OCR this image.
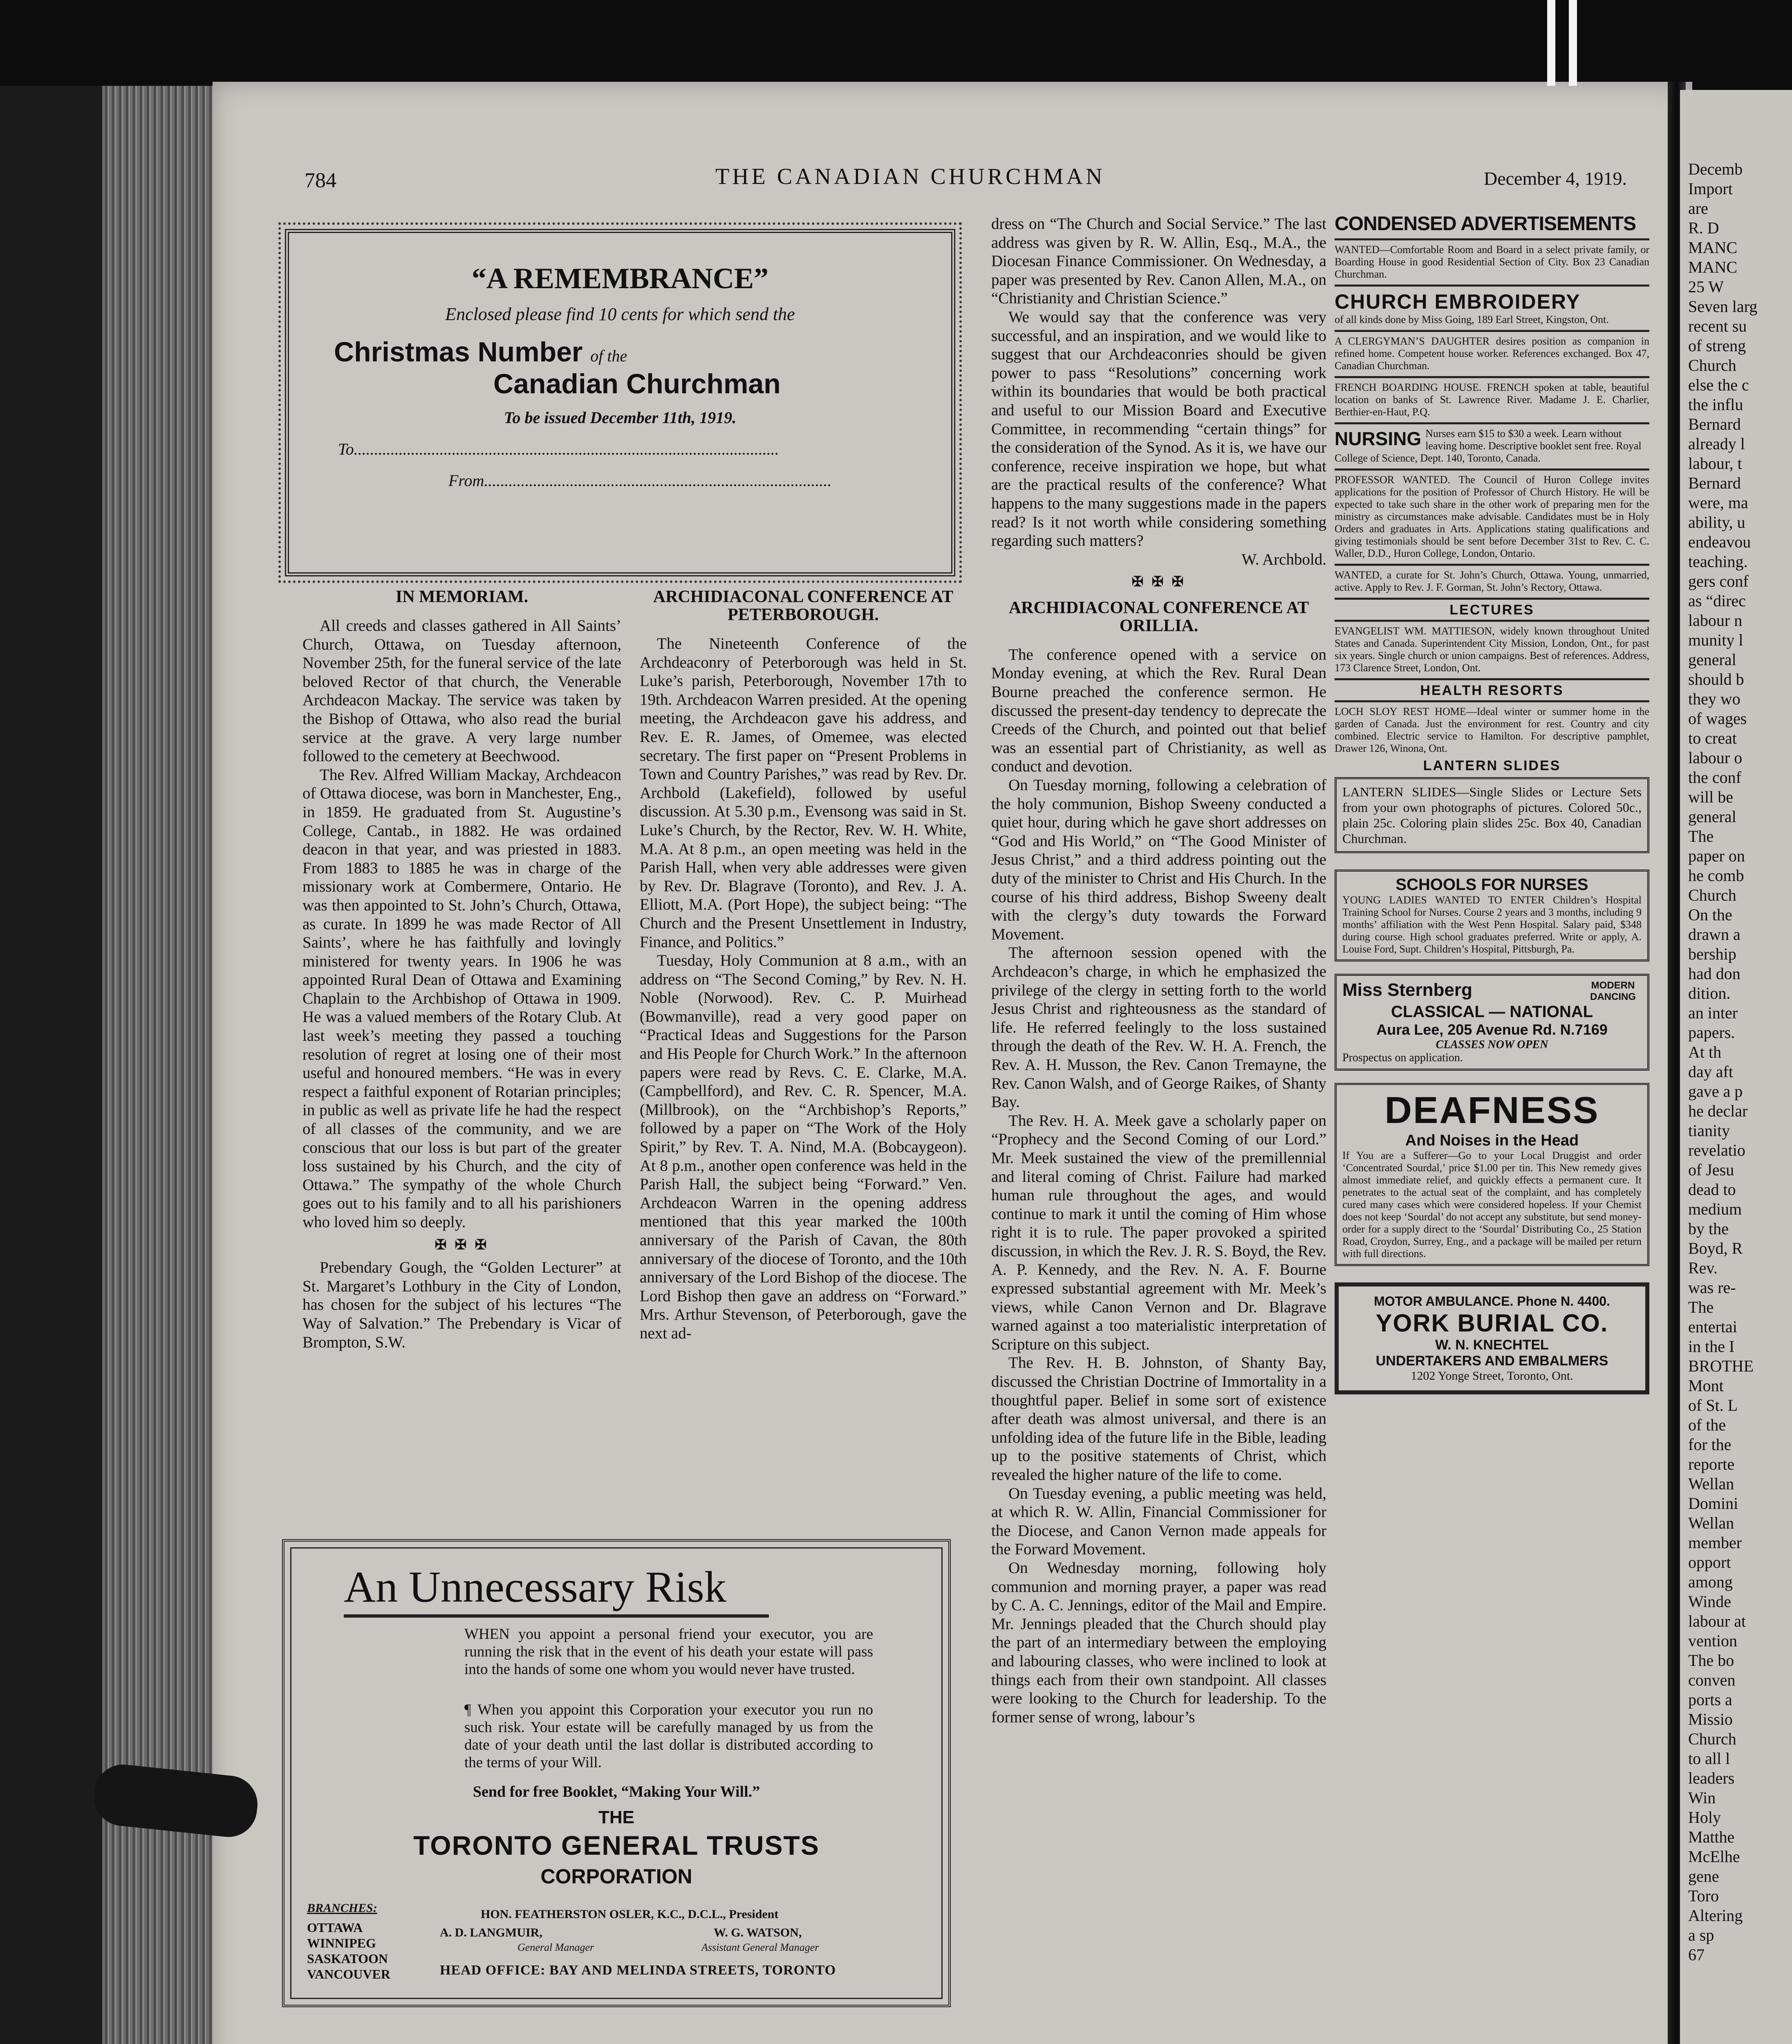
Decemb
Import
are
R. D
MANC
MANC
25 W
Seven larg
recent su
of streng
Church
else the c
the influ
Bernard
already l
labour, t
Bernard
were, ma
ability, u
endeavou
teaching.
gers conf
as “direc
labour n
munity l
general
should b
they wo
of wages
to creat
labour o
the conf
will be
general
The
paper on
he comb
Church
On the
drawn a
bership
had don
dition.
an inter
papers.
At th
day aft
gave a p
he declar
tianity
revelatio
of Jesu
dead to
medium
by the
Boyd, R
Rev.
was re-
The
entertai
in the I
BROTHE
Mont
of St. L
of the
for the
reporte
Wellan
Domini
Wellan
member
opport
among
Winde
labour at
vention
The bo
conven
ports a
Missio
Church
to all l
leaders
Win
Holy
Matthe
McElhe
gene
Toro
Altering
a sp
67
784	THE CANADIAN CHURCHMAN	December 4, 1919.
“A REMEMBRANCE”
Enclosed please find 10 cents for which send the
Christmas Number of the
Canadian Churchman
To be issued December 11th, 1919.
To........................................................................................................
From.....................................................................................
IN MEMORIAM.

All creeds and classes gathered in All Saints’ Church, Ottawa, on Tuesday afternoon, November 25th, for the funeral service of the late beloved Rector of that church, the Venerable Archdeacon Mackay. The service was taken by the Bishop of Ottawa, who also read the burial service at the grave. A very large number followed to the cemetery at Beechwood.

The Rev. Alfred William Mackay, Archdeacon of Ottawa diocese, was born in Manchester, Eng., in 1859. He graduated from St. Augustine’s College, Cantab., in 1882. He was ordained deacon in that year, and was priested in 1883. From 1883 to 1885 he was in charge of the missionary work at Combermere, Ontario. He was then appointed to St. John’s Church, Ottawa, as curate. In 1899 he was made Rector of All Saints’, where he has faithfully and lovingly ministered for twenty years. In 1906 he was appointed Rural Dean of Ottawa and Examining Chaplain to the Archbishop of Ottawa in 1909. He was a valued members of the Rotary Club. At last week’s meeting they passed a touching resolution of regret at losing one of their most useful and honoured members. “He was in every respect a faithful exponent of Rotarian principles; in public as well as private life he had the respect of all classes of the community, and we are conscious that our loss is but part of the greater loss sustained by his Church, and the city of Ottawa.” The sympathy of the whole Church goes out to his family and to all his parishioners who loved him so deeply.

✠ ✠ ✠

Prebendary Gough, the “Golden Lecturer” at St. Margaret’s Lothbury in the City of London, has chosen for the subject of his lectures “The Way of Salvation.” The Prebendary is Vicar of Brompton, S.W.

ARCHIDIACONAL CONFERENCE AT PETERBOROUGH.

The Nineteenth Conference of the Archdeaconry of Peterborough was held in St. Luke’s parish, Peterborough, November 17th to 19th. Archdeacon Warren presided. At the opening meeting, the Archdeacon gave his address, and Rev. E. R. James, of Omemee, was elected secretary. The first paper on “Present Problems in Town and Country Parishes,” was read by Rev. Dr. Archbold (Lakefield), followed by useful discussion. At 5.30 p.m., Evensong was said in St. Luke’s Church, by the Rector, Rev. W. H. White, M.A. At 8 p.m., an open meeting was held in the Parish Hall, when very able addresses were given by Rev. Dr. Blagrave (Toronto), and Rev. J. A. Elliott, M.A. (Port Hope), the subject being: “The Church and the Present Unsettlement in Industry, Finance, and Politics.”

Tuesday, Holy Communion at 8 a.m., with an address on “The Second Coming,” by Rev. N. H. Noble (Norwood). Rev. C. P. Muirhead (Bowmanville), read a very good paper on “Practical Ideas and Suggestions for the Parson and His People for Church Work.” In the afternoon papers were read by Revs. C. E. Clarke, M.A. (Campbellford), and Rev. C. R. Spencer, M.A. (Millbrook), on the “Archbishop’s Reports,” followed by a paper on “The Work of the Holy Spirit,” by Rev. T. A. Nind, M.A. (Bobcaygeon). At 8 p.m., another open conference was held in the Parish Hall, the subject being “Forward.” Ven. Archdeacon Warren in the opening address mentioned that this year marked the 100th anniversary of the Parish of Cavan, the 80th anniversary of the diocese of Toronto, and the 10th anniversary of the Lord Bishop of the diocese. The Lord Bishop then gave an address on “Forward.” Mrs. Arthur Stevenson, of Peterborough, gave the next ad-

dress on “The Church and Social Service.” The last address was given by R. W. Allin, Esq., M.A., the Diocesan Finance Commissioner. On Wednesday, a paper was presented by Rev. Canon Allen, M.A., on “Christianity and Christian Science.”

We would say that the conference was very successful, and an inspiration, and we would like to suggest that our Archdeaconries should be given power to pass “Resolutions” concerning work within its boundaries that would be both practical and useful to our Mission Board and Executive Committee, in recommending “certain things” for the consideration of the Synod. As it is, we have our conference, receive inspiration we hope, but what are the practical results of the conference? What happens to the many suggestions made in the papers read? Is it not worth while considering something regarding such matters?

W. Archbold.

✠ ✠ ✠
ARCHIDIACONAL CONFERENCE AT ORILLIA.

The conference opened with a service on Monday evening, at which the Rev. Rural Dean Bourne preached the conference sermon. He discussed the present-day tendency to deprecate the Creeds of the Church, and pointed out that belief was an essential part of Christianity, as well as conduct and devotion.

On Tuesday morning, following a celebration of the holy communion, Bishop Sweeny conducted a quiet hour, during which he gave short addresses on “God and His World,” on “The Good Minister of Jesus Christ,” and a third address pointing out the duty of the minister to Christ and His Church. In the course of his third address, Bishop Sweeny dealt with the clergy’s duty towards the Forward Movement.

The afternoon session opened with the Archdeacon’s charge, in which he emphasized the privilege of the clergy in setting forth to the world Jesus Christ and righteousness as the standard of life. He referred feelingly to the loss sustained through the death of the Rev. W. H. A. French, the Rev. A. H. Musson, the Rev. Canon Tremayne, the Rev. Canon Walsh, and of George Raikes, of Shanty Bay.

The Rev. H. A. Meek gave a scholarly paper on “Prophecy and the Second Coming of our Lord.” Mr. Meek sustained the view of the premillennial and literal coming of Christ. Failure had marked human rule throughout the ages, and would continue to mark it until the coming of Him whose right it is to rule. The paper provoked a spirited discussion, in which the Rev. J. R. S. Boyd, the Rev. A. P. Kennedy, and the Rev. N. A. F. Bourne expressed substantial agreement with Mr. Meek’s views, while Canon Vernon and Dr. Blagrave warned against a too materialistic interpretation of Scripture on this subject.

The Rev. H. B. Johnston, of Shanty Bay, discussed the Christian Doctrine of Immortality in a thoughtful paper. Belief in some sort of existence after death was almost universal, and there is an unfolding idea of the future life in the Bible, leading up to the positive statements of Christ, which revealed the higher nature of the life to come.

On Tuesday evening, a public meeting was held, at which R. W. Allin, Financial Commissioner for the Diocese, and Canon Vernon made appeals for the Forward Movement.

On Wednesday morning, following holy communion and morning prayer, a paper was read by C. A. C. Jennings, editor of the Mail and Empire. Mr. Jennings pleaded that the Church should play the part of an intermediary between the employing and labouring classes, who were inclined to look at things each from their own standpoint. All classes were looking to the Church for leadership. To the former sense of wrong, labour’s

An Unnecessary Risk
WHEN you appoint a personal friend your executor, you are running the risk that in the event of his death your estate will pass into the hands of some one whom you would never have trusted.
¶ When you appoint this Corporation your executor you run no such risk. Your estate will be carefully managed by us from the date of your death until the last dollar is distributed according to the terms of your Will.
Send for free Booklet, “Making Your Will.”
THE
TORONTO GENERAL TRUSTS
CORPORATION
BRANCHES:
OTTAWA
WINNIPEG
SASKATOON
VANCOUVER
HON. FEATHERSTON OSLER, K.C., D.C.L., President
A. D. LANGMUIR,
General Manager
W. G. WATSON,
Assistant General Manager
HEAD OFFICE: BAY AND MELINDA STREETS, TORONTO
CONDENSED ADVERTISEMENTS
WANTED—Comfortable Room and Board in a select private family, or Boarding House in good Residential Section of City. Box 23 Canadian Churchman.
CHURCH EMBROIDERY
of all kinds done by Miss Going, 189 Earl Street, Kingston, Ont.
A CLERGYMAN’S DAUGHTER desires position as companion in refined home. Competent house worker. References exchanged. Box 47, Canadian Churchman.
FRENCH BOARDING HOUSE. FRENCH spoken at table, beautiful location on banks of St. Lawrence River. Madame J. E. Charlier, Berthier-en-Haut, P.Q.
NURSING Nurses earn $15 to $30 a week. Learn without leaving home. Descriptive booklet sent free. Royal College of Science, Dept. 140, Toronto, Canada.
PROFESSOR WANTED. The Council of Huron College invites applications for the position of Professor of Church History. He will be expected to take such share in the other work of preparing men for the ministry as circumstances make advisable. Candidates must be in Holy Orders and graduates in Arts. Applications stating qualifications and giving testimonials should be sent before December 31st to Rev. C. C. Waller, D.D., Huron College, London, Ontario.
WANTED, a curate for St. John’s Church, Ottawa. Young, unmarried, active. Apply to Rev. J. F. Gorman, St. John’s Rectory, Ottawa.
LECTURES
EVANGELIST WM. MATTIESON, widely known throughout United States and Canada. Superintendent City Mission, London, Ont., for past six years. Single church or union campaigns. Best of references. Address, 173 Clarence Street, London, Ont.
HEALTH RESORTS
LOCH SLOY REST HOME—Ideal winter or summer home in the garden of Canada. Just the environment for rest. Country and city combined. Electric service to Hamilton. For descriptive pamphlet, Drawer 126, Winona, Ont.
LANTERN SLIDES
LANTERN SLIDES—Single Slides or Lecture Sets from your own photographs of pictures. Colored 50c., plain 25c. Coloring plain slides 25c. Box 40, Canadian Churchman.
SCHOOLS FOR NURSES
YOUNG LADIES WANTED TO ENTER Children’s Hospital Training School for Nurses. Course 2 years and 3 months, including 9 months’ affiliation with the West Penn Hospital. Salary paid, $348 during course. High school graduates preferred. Write or apply, A. Louise Ford, Supt. Children’s Hospital, Pittsburgh, Pa.
Miss Sternberg	MODERN DANCING
CLASSICAL — NATIONAL
Aura Lee, 205 Avenue Rd. N.7169
CLASSES NOW OPEN
Prospectus on application.
DEAFNESS
And Noises in the Head
If You are a Sufferer—Go to your Local Druggist and order ‘Concentrated Sourdal,’ price $1.00 per tin. This New remedy gives almost immediate relief, and quickly effects a permanent cure. It penetrates to the actual seat of the complaint, and has completely cured many cases which were considered hopeless. If your Chemist does not keep ‘Sourdal’ do not accept any substitute, but send money-order for a supply direct to the ‘Sourdal’ Distributing Co., 25 Station Road, Croydon, Surrey, Eng., and a package will be mailed per return with full directions.
MOTOR AMBULANCE. Phone N. 4400.
YORK BURIAL CO.
W. N. KNECHTEL
UNDERTAKERS AND EMBALMERS
1202 Yonge Street, Toronto, Ont.
